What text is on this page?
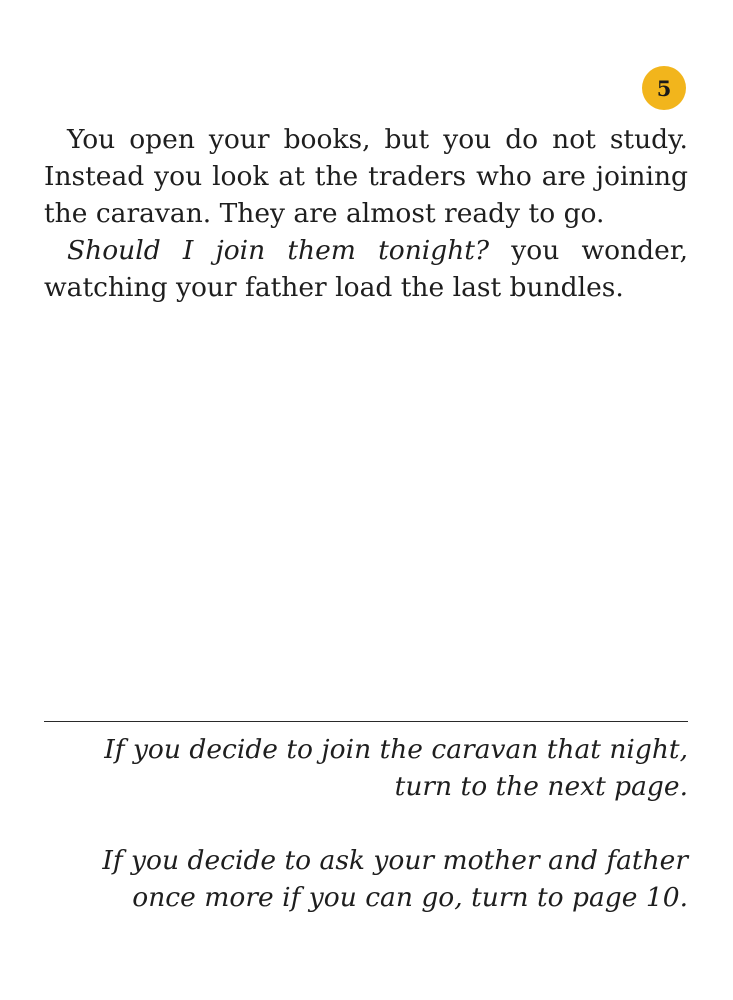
5

You open your books, but you do not study. Instead you look at the traders who are joining the caravan. They are almost ready to go.

Should I join them tonight? you wonder, watching your father load the last bundles.

If you decide to join the caravan that night,
turn to the next page.
If you decide to ask your mother and father
once more if you can go, turn to page 10.
